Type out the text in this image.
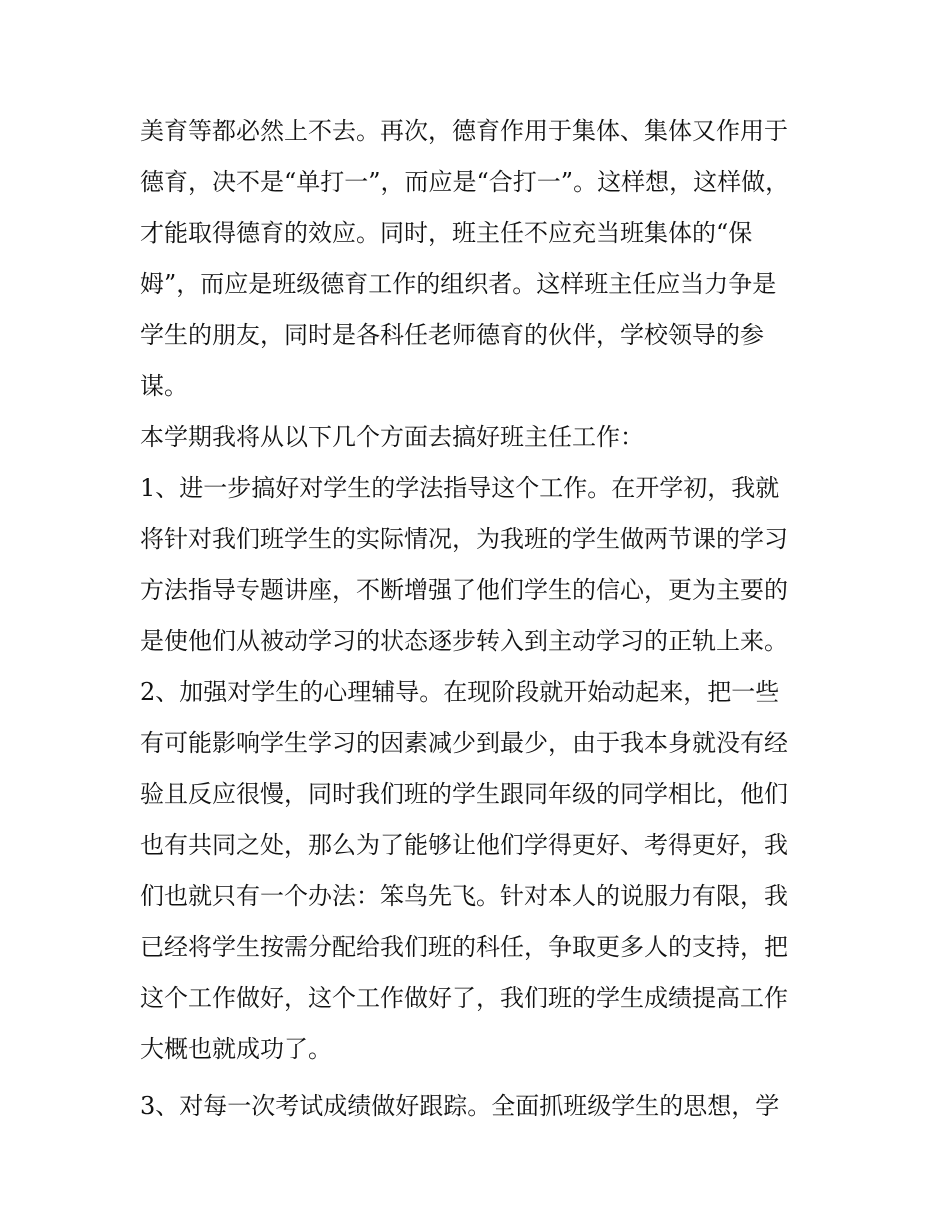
美育等都必然上不去。再次，德育作用于集体、集体又作用于
德育，决不是“单打一”，而应是“合打一”。这样想，这样做，
才能取得德育的效应。同时，班主任不应充当班集体的“保
姆”，而应是班级德育工作的组织者。这样班主任应当力争是
学生的朋友，同时是各科任老师德育的伙伴，学校领导的参
谋。
本学期我将从以下几个方面去搞好班主任工作：
1、进一步搞好对学生的学法指导这个工作。在开学初，我就
将针对我们班学生的实际情况，为我班的学生做两节课的学习
方法指导专题讲座，不断增强了他们学生的信心，更为主要的
是使他们从被动学习的状态逐步转入到主动学习的正轨上来。
2、加强对学生的心理辅导。在现阶段就开始动起来，把一些
有可能影响学生学习的因素减少到最少，由于我本身就没有经
验且反应很慢，同时我们班的学生跟同年级的同学相比，他们
也有共同之处，那么为了能够让他们学得更好、考得更好，我
们也就只有一个办法：笨鸟先飞。针对本人的说服力有限，我
已经将学生按需分配给我们班的科任，争取更多人的支持，把
这个工作做好，这个工作做好了，我们班的学生成绩提高工作
大概也就成功了。
3、对每一次考试成绩做好跟踪。全面抓班级学生的思想，学
